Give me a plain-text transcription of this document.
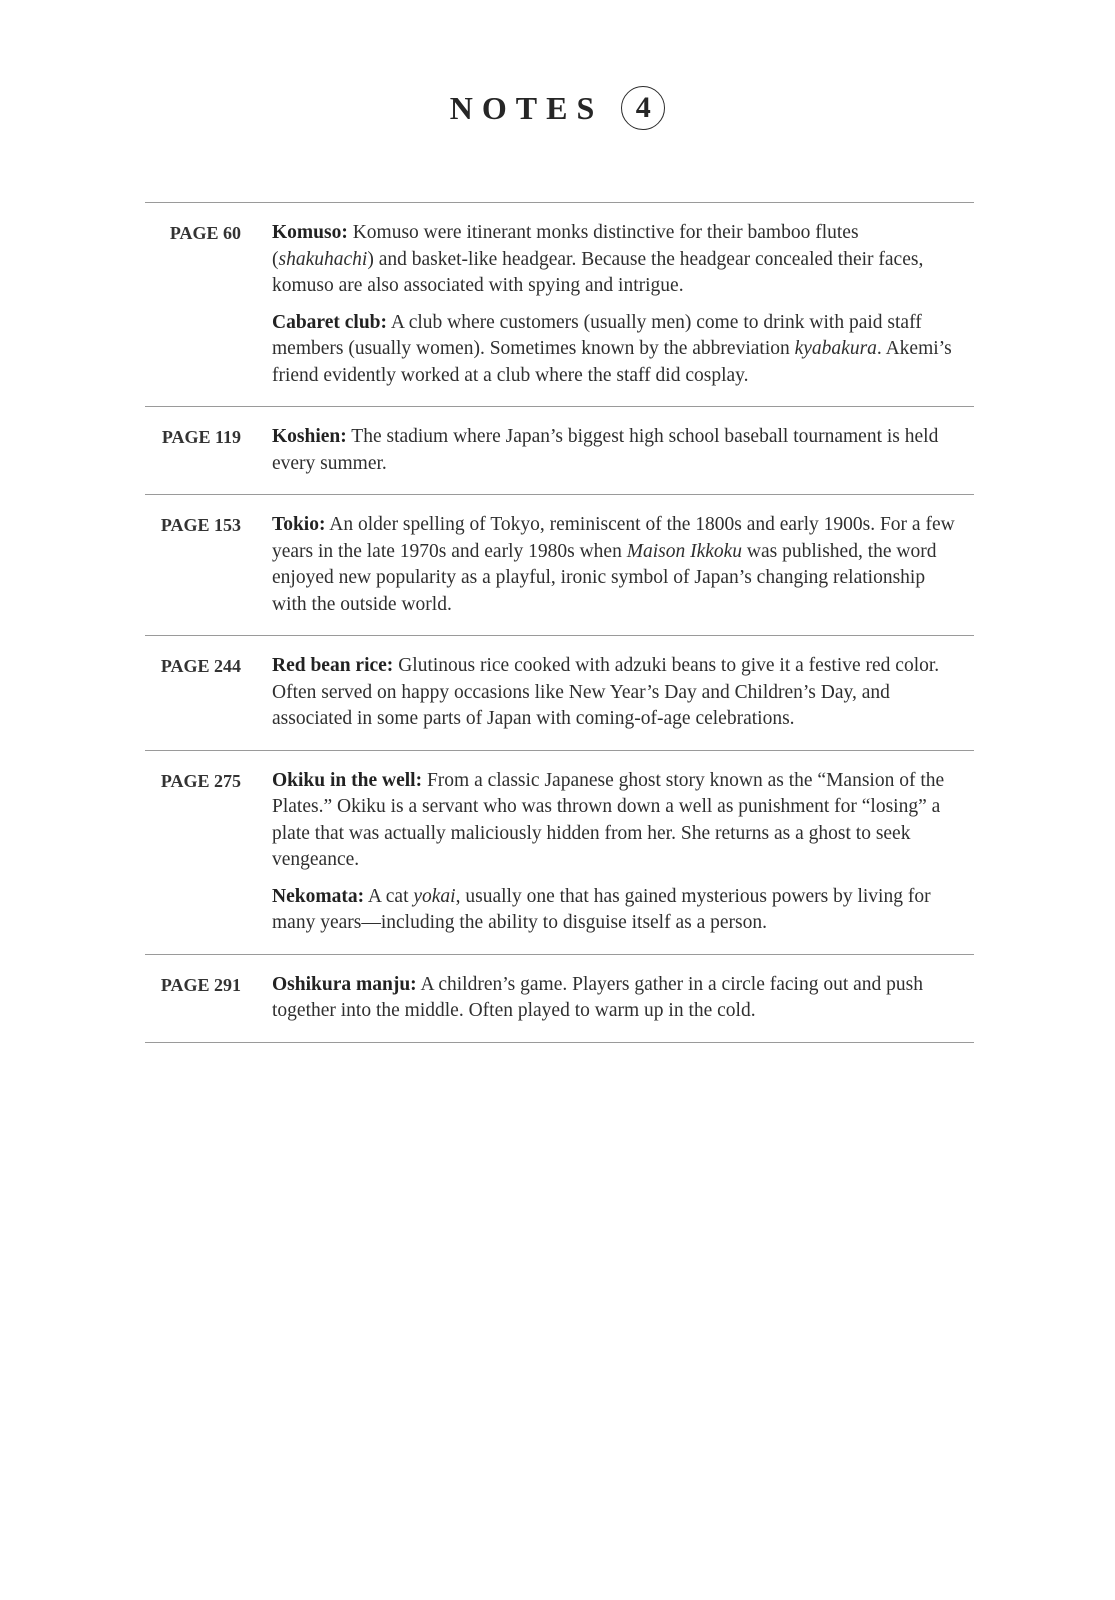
NOTES	4
PAGE 60 Komuso: Komuso were itinerant monks distinctive for their bamboo flutes (shakuhachi) and basket-like headgear. Because the headgear concealed their faces, komuso are also associated with spying and intrigue.

Cabaret club: A club where customers (usually men) come to drink with paid staff members (usually women). Sometimes known by the abbreviation kyabakura. Akemi’s friend evidently worked at a club where the staff did cosplay.

PAGE 119 Koshien: The stadium where Japan’s biggest high school baseball tournament is held every summer.

PAGE 153 Tokio: An older spelling of Tokyo, reminiscent of the 1800s and early 1900s. For a few years in the late 1970s and early 1980s when Maison Ikkoku was published, the word enjoyed new popularity as a playful, ironic symbol of Japan’s changing relationship with the outside world.

PAGE 244 Red bean rice: Glutinous rice cooked with adzuki beans to give it a festive red color. Often served on happy occasions like New Year’s Day and Children’s Day, and associated in some parts of Japan with coming-of-age celebrations.

PAGE 275 Okiku in the well: From a classic Japanese ghost story known as the “Mansion of the Plates.” Okiku is a servant who was thrown down a well as punishment for “losing” a plate that was actually maliciously hidden from her. She returns as a ghost to seek vengeance.

Nekomata: A cat yokai, usually one that has gained mysterious powers by living for many years—including the ability to disguise itself as a person.

PAGE 291 Oshikura manju: A children’s game. Players gather in a circle facing out and push together into the middle. Often played to warm up in the cold.
